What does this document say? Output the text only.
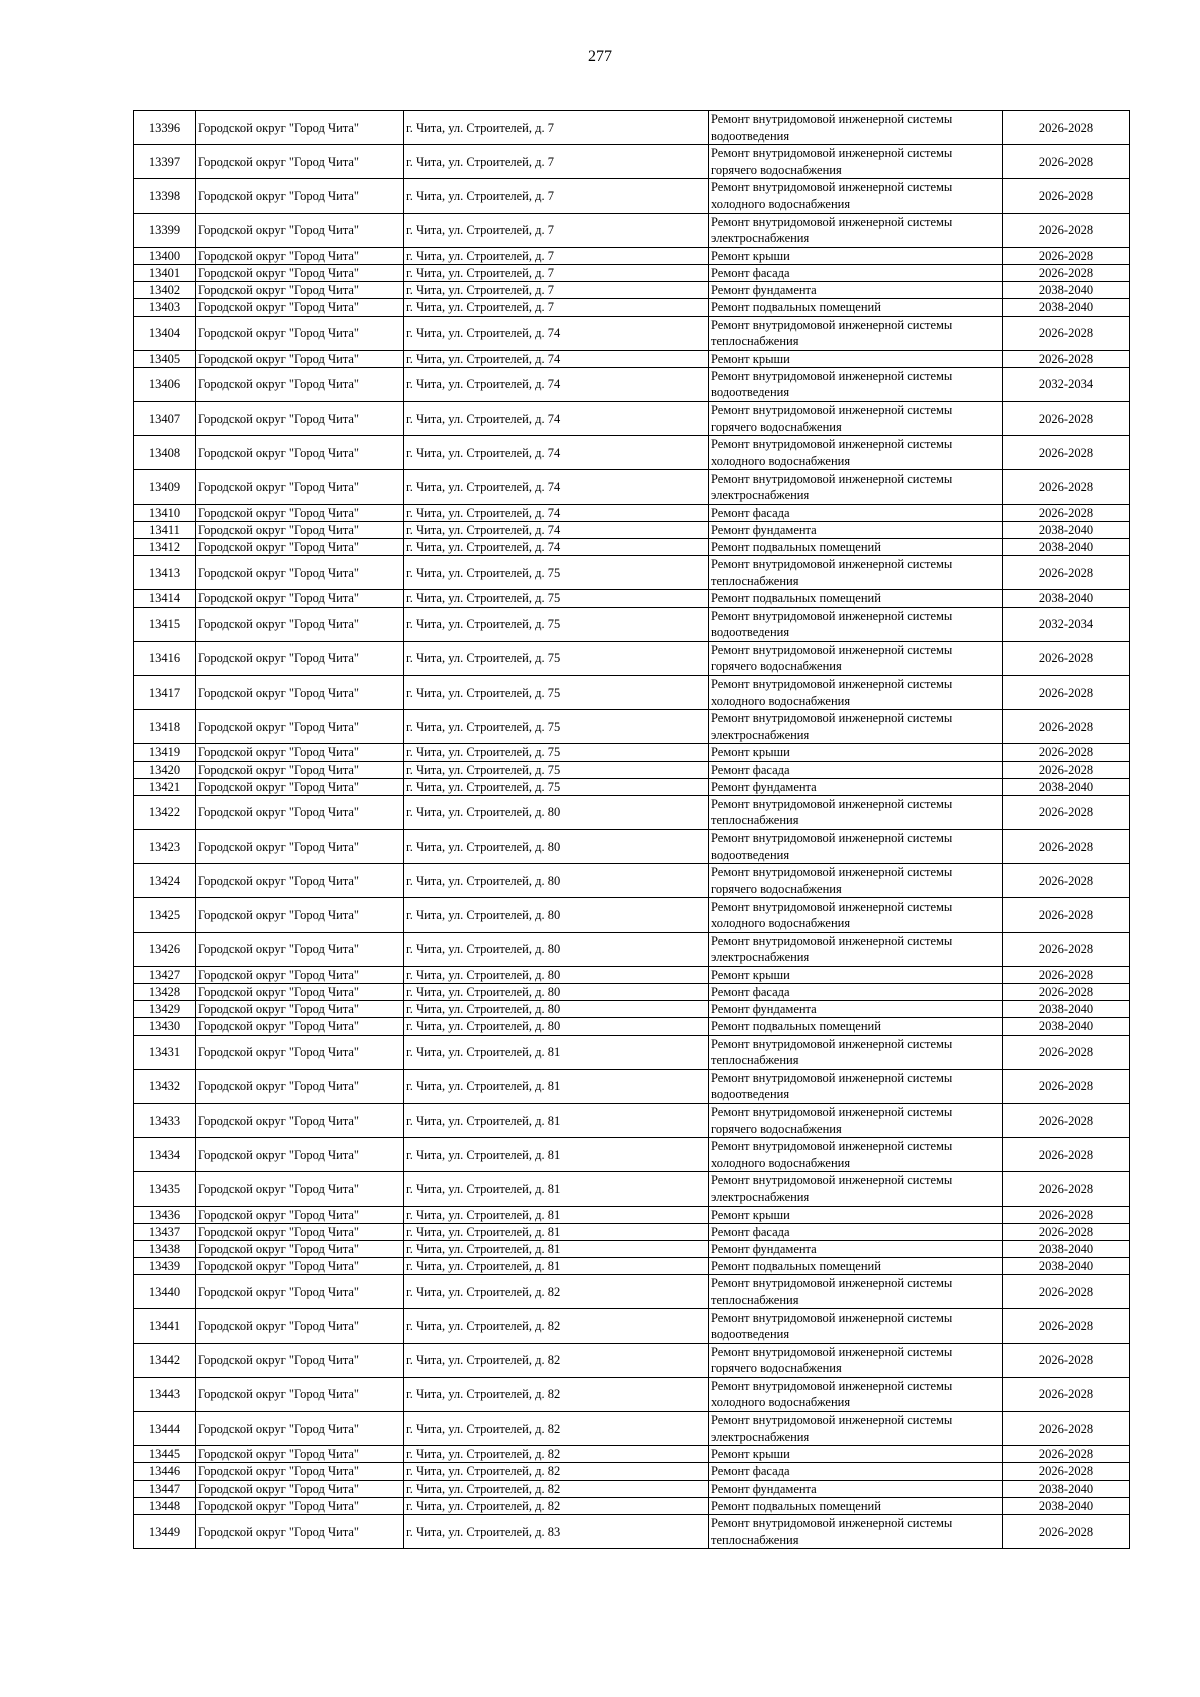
277
13396	Городской округ "Город Чита"	г. Чита, ул. Строителей, д. 7	Ремонт внутридомовой инженерной системы водоотведения	2026-2028
13397	Городской округ "Город Чита"	г. Чита, ул. Строителей, д. 7	Ремонт внутридомовой инженерной системы горячего водоснабжения	2026-2028
13398	Городской округ "Город Чита"	г. Чита, ул. Строителей, д. 7	Ремонт внутридомовой инженерной системы холодного водоснабжения	2026-2028
13399	Городской округ "Город Чита"	г. Чита, ул. Строителей, д. 7	Ремонт внутридомовой инженерной системы электроснабжения	2026-2028
13400	Городской округ "Город Чита"	г. Чита, ул. Строителей, д. 7	Ремонт крыши	2026-2028
13401	Городской округ "Город Чита"	г. Чита, ул. Строителей, д. 7	Ремонт фасада	2026-2028
13402	Городской округ "Город Чита"	г. Чита, ул. Строителей, д. 7	Ремонт фундамента	2038-2040
13403	Городской округ "Город Чита"	г. Чита, ул. Строителей, д. 7	Ремонт подвальных помещений	2038-2040
13404	Городской округ "Город Чита"	г. Чита, ул. Строителей, д. 74	Ремонт внутридомовой инженерной системы теплоснабжения	2026-2028
13405	Городской округ "Город Чита"	г. Чита, ул. Строителей, д. 74	Ремонт крыши	2026-2028
13406	Городской округ "Город Чита"	г. Чита, ул. Строителей, д. 74	Ремонт внутридомовой инженерной системы водоотведения	2032-2034
13407	Городской округ "Город Чита"	г. Чита, ул. Строителей, д. 74	Ремонт внутридомовой инженерной системы горячего водоснабжения	2026-2028
13408	Городской округ "Город Чита"	г. Чита, ул. Строителей, д. 74	Ремонт внутридомовой инженерной системы холодного водоснабжения	2026-2028
13409	Городской округ "Город Чита"	г. Чита, ул. Строителей, д. 74	Ремонт внутридомовой инженерной системы электроснабжения	2026-2028
13410	Городской округ "Город Чита"	г. Чита, ул. Строителей, д. 74	Ремонт фасада	2026-2028
13411	Городской округ "Город Чита"	г. Чита, ул. Строителей, д. 74	Ремонт фундамента	2038-2040
13412	Городской округ "Город Чита"	г. Чита, ул. Строителей, д. 74	Ремонт подвальных помещений	2038-2040
13413	Городской округ "Город Чита"	г. Чита, ул. Строителей, д. 75	Ремонт внутридомовой инженерной системы теплоснабжения	2026-2028
13414	Городской округ "Город Чита"	г. Чита, ул. Строителей, д. 75	Ремонт подвальных помещений	2038-2040
13415	Городской округ "Город Чита"	г. Чита, ул. Строителей, д. 75	Ремонт внутридомовой инженерной системы водоотведения	2032-2034
13416	Городской округ "Город Чита"	г. Чита, ул. Строителей, д. 75	Ремонт внутридомовой инженерной системы горячего водоснабжения	2026-2028
13417	Городской округ "Город Чита"	г. Чита, ул. Строителей, д. 75	Ремонт внутридомовой инженерной системы холодного водоснабжения	2026-2028
13418	Городской округ "Город Чита"	г. Чита, ул. Строителей, д. 75	Ремонт внутридомовой инженерной системы электроснабжения	2026-2028
13419	Городской округ "Город Чита"	г. Чита, ул. Строителей, д. 75	Ремонт крыши	2026-2028
13420	Городской округ "Город Чита"	г. Чита, ул. Строителей, д. 75	Ремонт фасада	2026-2028
13421	Городской округ "Город Чита"	г. Чита, ул. Строителей, д. 75	Ремонт фундамента	2038-2040
13422	Городской округ "Город Чита"	г. Чита, ул. Строителей, д. 80	Ремонт внутридомовой инженерной системы теплоснабжения	2026-2028
13423	Городской округ "Город Чита"	г. Чита, ул. Строителей, д. 80	Ремонт внутридомовой инженерной системы водоотведения	2026-2028
13424	Городской округ "Город Чита"	г. Чита, ул. Строителей, д. 80	Ремонт внутридомовой инженерной системы горячего водоснабжения	2026-2028
13425	Городской округ "Город Чита"	г. Чита, ул. Строителей, д. 80	Ремонт внутридомовой инженерной системы холодного водоснабжения	2026-2028
13426	Городской округ "Город Чита"	г. Чита, ул. Строителей, д. 80	Ремонт внутридомовой инженерной системы электроснабжения	2026-2028
13427	Городской округ "Город Чита"	г. Чита, ул. Строителей, д. 80	Ремонт крыши	2026-2028
13428	Городской округ "Город Чита"	г. Чита, ул. Строителей, д. 80	Ремонт фасада	2026-2028
13429	Городской округ "Город Чита"	г. Чита, ул. Строителей, д. 80	Ремонт фундамента	2038-2040
13430	Городской округ "Город Чита"	г. Чита, ул. Строителей, д. 80	Ремонт подвальных помещений	2038-2040
13431	Городской округ "Город Чита"	г. Чита, ул. Строителей, д. 81	Ремонт внутридомовой инженерной системы теплоснабжения	2026-2028
13432	Городской округ "Город Чита"	г. Чита, ул. Строителей, д. 81	Ремонт внутридомовой инженерной системы водоотведения	2026-2028
13433	Городской округ "Город Чита"	г. Чита, ул. Строителей, д. 81	Ремонт внутридомовой инженерной системы горячего водоснабжения	2026-2028
13434	Городской округ "Город Чита"	г. Чита, ул. Строителей, д. 81	Ремонт внутридомовой инженерной системы холодного водоснабжения	2026-2028
13435	Городской округ "Город Чита"	г. Чита, ул. Строителей, д. 81	Ремонт внутридомовой инженерной системы электроснабжения	2026-2028
13436	Городской округ "Город Чита"	г. Чита, ул. Строителей, д. 81	Ремонт крыши	2026-2028
13437	Городской округ "Город Чита"	г. Чита, ул. Строителей, д. 81	Ремонт фасада	2026-2028
13438	Городской округ "Город Чита"	г. Чита, ул. Строителей, д. 81	Ремонт фундамента	2038-2040
13439	Городской округ "Город Чита"	г. Чита, ул. Строителей, д. 81	Ремонт подвальных помещений	2038-2040
13440	Городской округ "Город Чита"	г. Чита, ул. Строителей, д. 82	Ремонт внутридомовой инженерной системы теплоснабжения	2026-2028
13441	Городской округ "Город Чита"	г. Чита, ул. Строителей, д. 82	Ремонт внутридомовой инженерной системы водоотведения	2026-2028
13442	Городской округ "Город Чита"	г. Чита, ул. Строителей, д. 82	Ремонт внутридомовой инженерной системы горячего водоснабжения	2026-2028
13443	Городской округ "Город Чита"	г. Чита, ул. Строителей, д. 82	Ремонт внутридомовой инженерной системы холодного водоснабжения	2026-2028
13444	Городской округ "Город Чита"	г. Чита, ул. Строителей, д. 82	Ремонт внутридомовой инженерной системы электроснабжения	2026-2028
13445	Городской округ "Город Чита"	г. Чита, ул. Строителей, д. 82	Ремонт крыши	2026-2028
13446	Городской округ "Город Чита"	г. Чита, ул. Строителей, д. 82	Ремонт фасада	2026-2028
13447	Городской округ "Город Чита"	г. Чита, ул. Строителей, д. 82	Ремонт фундамента	2038-2040
13448	Городской округ "Город Чита"	г. Чита, ул. Строителей, д. 82	Ремонт подвальных помещений	2038-2040
13449	Городской округ "Город Чита"	г. Чита, ул. Строителей, д. 83	Ремонт внутридомовой инженерной системы теплоснабжения	2026-2028
